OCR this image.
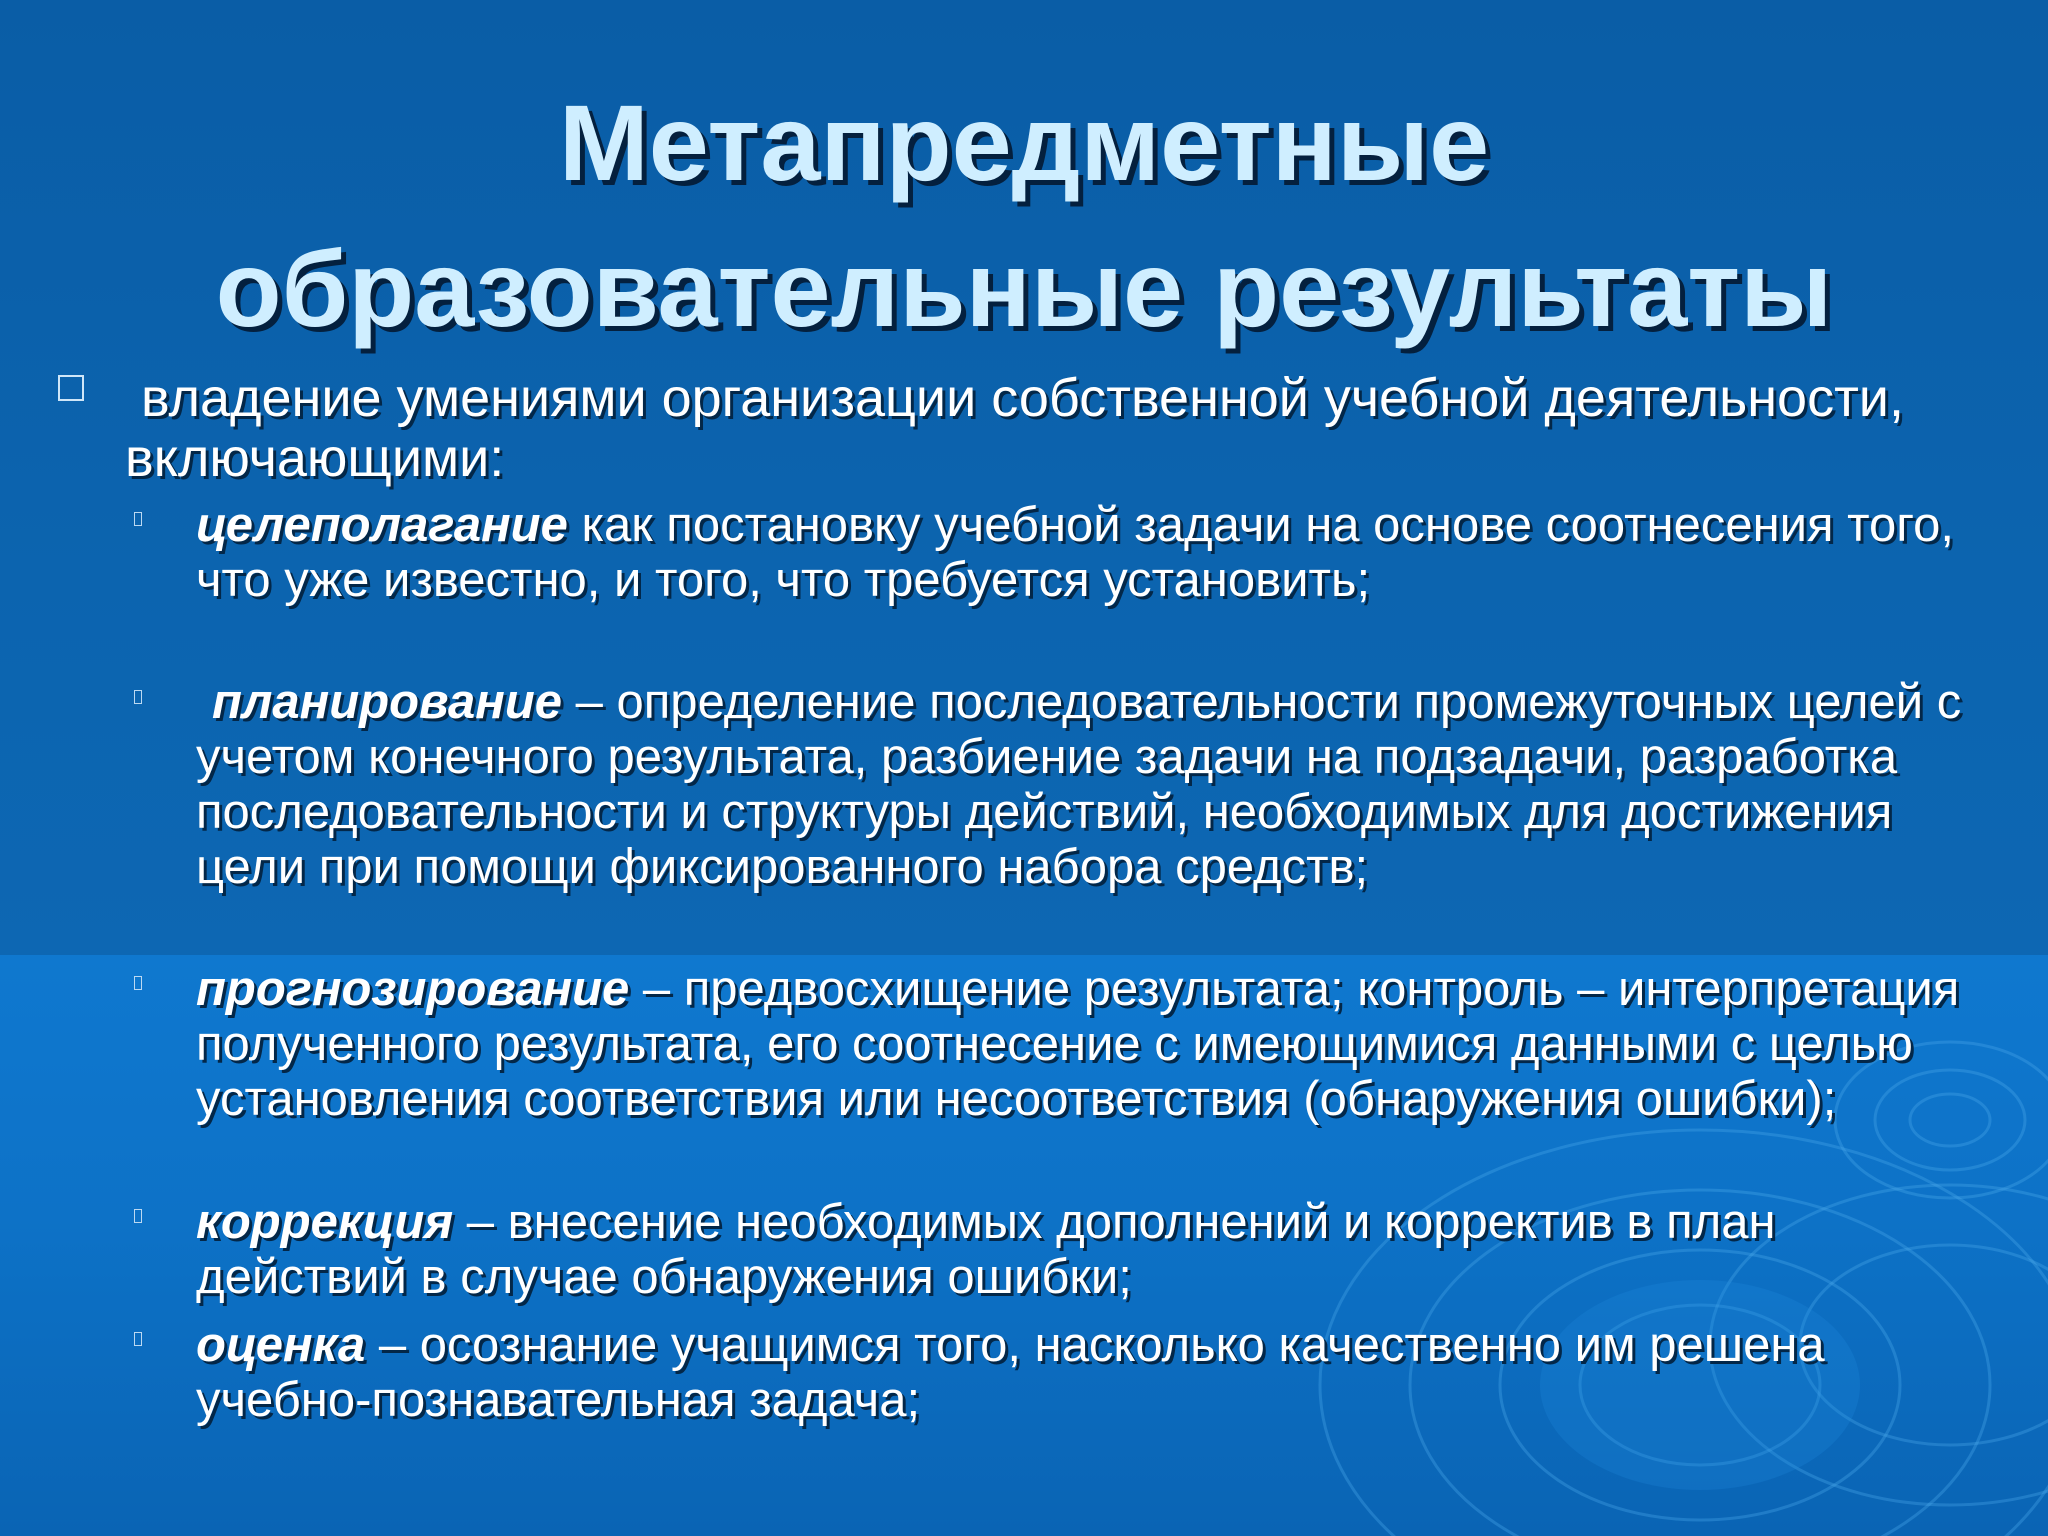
Метапредметные
образовательные результаты
владение умениями организации собственной учебной деятельности, включающими:
целеполагание как постановку учебной задачи на основе соотнесения того, что уже известно, и того, что требуется установить;
планирование – определение последовательности промежуточных целей с учетом конечного результата, разбиение задачи на подзадачи, разработка последовательности и структуры действий, необходимых для достижения цели при помощи фиксированного набора средств;
прогнозирование – предвосхищение результата; контроль – интерпретация полученного результата, его соотнесение с имеющимися данными с целью установления соответствия или несоответствия (обнаружения ошибки);
коррекция – внесение необходимых дополнений и корректив в план действий в случае обнаружения ошибки;
оценка – осознание учащимся того, насколько качественно им решена учебно-познавательная задача;
